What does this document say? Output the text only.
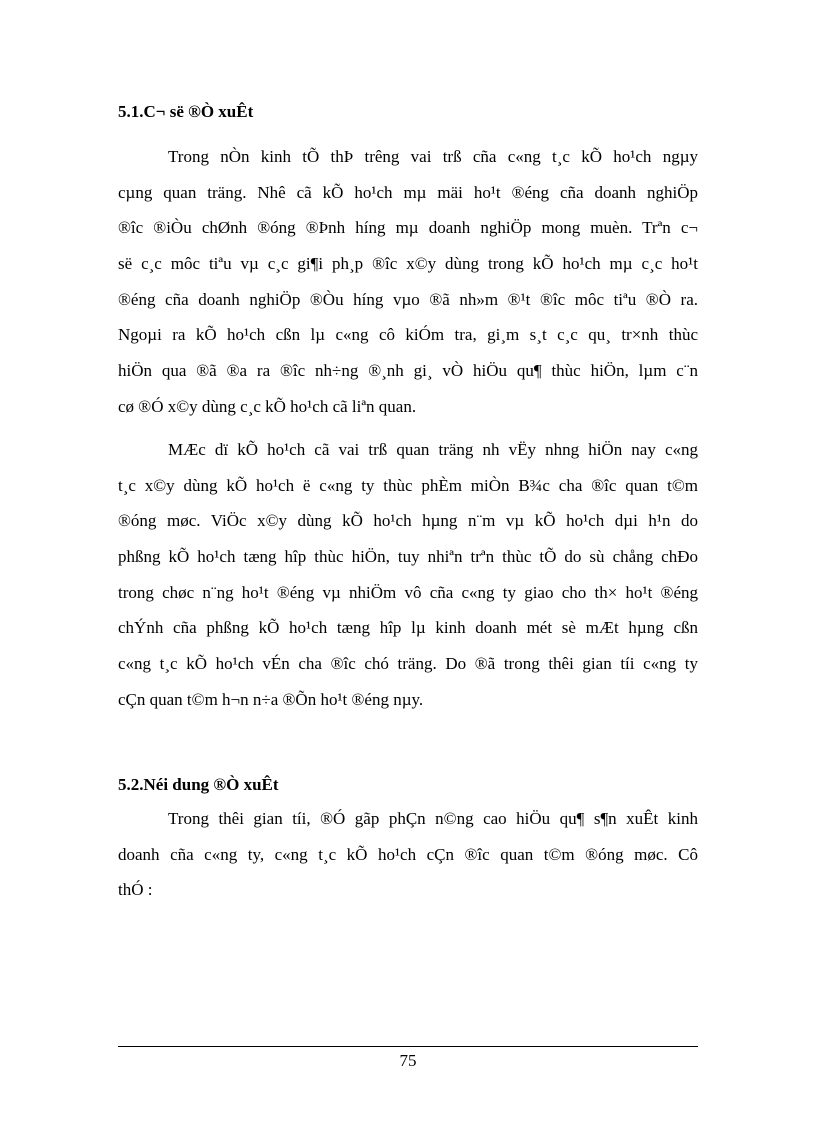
5.1.C¬ së ®Ò xuÊt
Trong nÒn kinh tÕ thÞ trêng vai trß cña c«ng t¸c kÕ ho¹ch ngµy
cµng quan träng. Nhê cã kÕ ho¹ch mµ mäi ho¹t ®éng cña doanh nghiÖp
®îc ®iÒu chØnh ®óng ®Þnh híng mµ doanh nghiÖp mong muèn. Trªn c¬
së c¸c môc tiªu vµ c¸c gi¶i ph¸p ®îc x©y dùng trong kÕ ho¹ch mµ c¸c ho¹t
®éng cña doanh nghiÖp ®Òu híng vµo ®ã nh»m ®¹t ®îc môc tiªu ®Ò ra.
Ngoµi ra kÕ ho¹ch cßn lµ c«ng cô kiÓm tra, gi¸m s¸t c¸c qu¸ tr×nh thùc
hiÖn qua ®ã ®a ra ®îc nh÷ng ®¸nh gi¸ vÒ hiÖu qu¶ thùc hiÖn, lµm c¨n
cø ®Ó x©y dùng c¸c kÕ ho¹ch cã liªn quan.
MÆc dï kÕ ho¹ch cã vai trß quan träng nh vËy nhng hiÖn nay c«ng
t¸c x©y dùng kÕ ho¹ch ë c«ng ty thùc phÈm miÒn B¾c cha ®îc quan t©m
®óng møc. ViÖc x©y dùng kÕ ho¹ch hµng n¨m vµ kÕ ho¹ch dµi h¹n do
phßng kÕ ho¹ch tæng hîp thùc hiÖn, tuy nhiªn trªn thùc tÕ do sù chång chÐo
trong chøc n¨ng ho¹t ®éng vµ nhiÖm vô cña c«ng ty giao cho th× ho¹t ®éng
chÝnh cña phßng kÕ ho¹ch tæng hîp lµ kinh doanh mét sè mÆt hµng cßn
c«ng t¸c kÕ ho¹ch vÉn cha ®îc chó träng. Do ®ã trong thêi gian tíi c«ng ty
cÇn quan t©m h¬n n÷a ®Õn ho¹t ®éng nµy.
5.2.Néi dung ®Ò xuÊt
Trong thêi gian tíi, ®Ó gãp phÇn n©ng cao hiÖu qu¶ s¶n xuÊt kinh
doanh cña c«ng ty, c«ng t¸c kÕ ho¹ch cÇn ®îc quan t©m ®óng møc. Cô
thÓ :

75
